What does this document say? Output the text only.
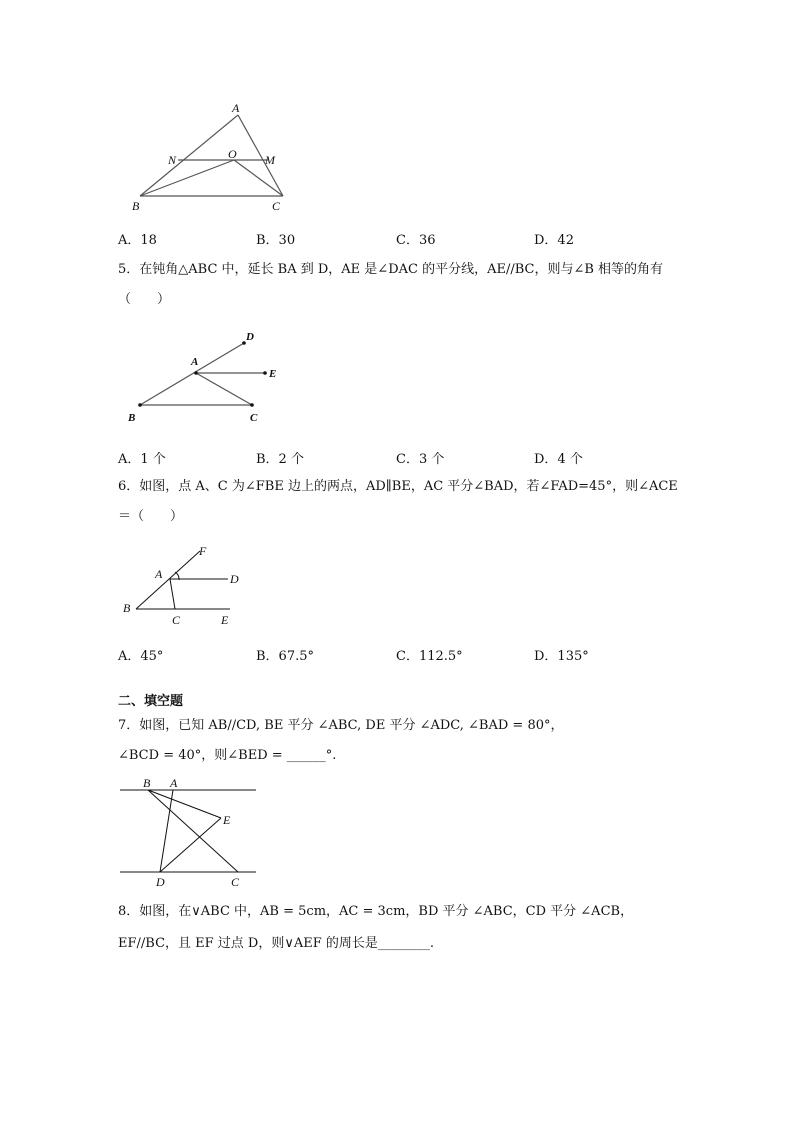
A
N	O M
B	C
A．18	B．30	C．36	D．42
5．在钝角△ABC 中，延长 BA 到 D，AE 是∠DAC 的平分线，AE//BC，则与∠B 相等的角有
（　　）
A
D
E
B	C
A．1 个	B．2 个	C．3 个	D．4 个
6．如图，点 A、C 为∠FBE 边上的两点，AD∥BE，AC 平分∠BAD，若∠FAD=45°，则∠ACE
＝（　　）
F
A	D
B
C	E
A．45°	B．67.5°	C．112.5°	D．135°
二、填空题
7．如图，已知 AB//CD, BE 平分 ∠ABC, DE 平分 ∠ADC, ∠BAD = 80°，
∠BCD = 40°，则∠BED = ______°.
B A
E
D	C
8．如图，在∨ABC 中，AB = 5cm，AC = 3cm，BD 平分 ∠ABC，CD 平分 ∠ACB，
EF//BC，且 EF 过点 D，则∨AEF 的周长是________.
